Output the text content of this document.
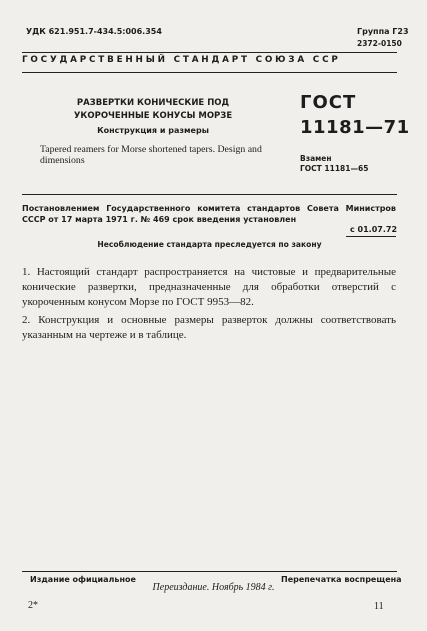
УДК 621.951.7-434.5:006.354	Группа Г23
2372-0150
ГОСУДАРСТВЕННЫЙ СТАНДАРТ СОЮЗА ССР
РАЗВЕРТКИ КОНИЧЕСКИЕ ПОД УКОРОЧЕННЫЕ КОНУСЫ МОРЗЕ
Конструкция и размеры
Tapered reamers for Morse shortened tapers. Design and dimensions
ГОСТ
11181—71
Взамен
ГОСТ 11181—65
Постановлением Государственного комитета стандартов Совета Министров СССР от 17 марта 1971 г. № 469 срок введения установлен
с 01.07.72
Несоблюдение стандарта преследуется по закону
1. Настоящий стандарт распространяется на чистовые и предварительные конические развертки, предназначенные для обработки отверстий с укороченным конусом Морзе по ГОСТ 9953—82.
2. Конструкция и основные размеры разверток должны соответствовать указанным на чертеже и в таблице.
Издание официальное	Перепечатка воспрещена
Переиздание. Ноябрь 1984 г.
2*	11
